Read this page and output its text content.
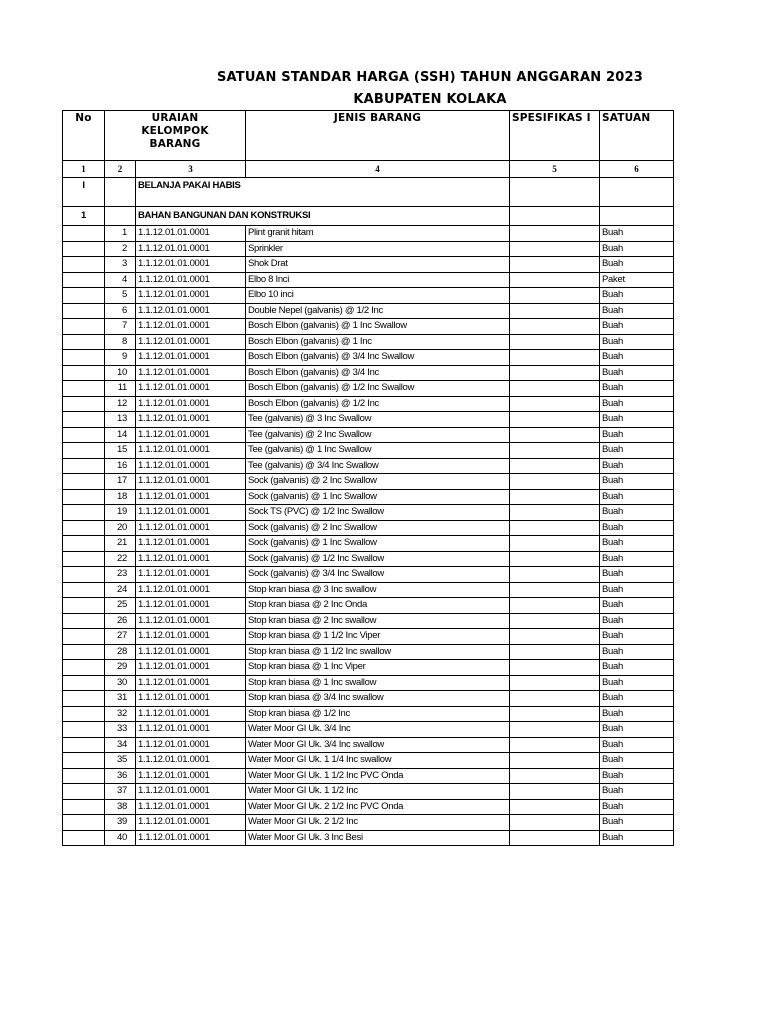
SATUAN STANDAR HARGA (SSH) TAHUN ANGGARAN 2023
KABUPATEN KOLAKA
No	URAIAN KELOMPOK BARANG		JENIS BARANG	SPESIFIKAS I	SATUAN
1	2	3	4	5	6
I		BELANJA PAKAI HABIS			
1		BAHAN BANGUNAN DAN KONSTRUKSI			
	1	1.1.12.01.01.0001	Plint granit hitam		Buah
	2	1.1.12.01.01.0001	Sprinkler		Buah
	3	1.1.12.01.01.0001	Shok Drat		Buah
	4	1.1.12.01.01.0001	Elbo 8 Inci		Paket
	5	1.1.12.01.01.0001	Elbo 10 inci		Buah
	6	1.1.12.01.01.0001	Double Nepel (galvanis) @ 1/2 Inc		Buah
	7	1.1.12.01.01.0001	Bosch Elbon (galvanis) @ 1 Inc Swallow		Buah
	8	1.1.12.01.01.0001	Bosch Elbon (galvanis) @ 1 Inc		Buah
	9	1.1.12.01.01.0001	Bosch Elbon (galvanis) @ 3/4 Inc Swallow		Buah
	10	1.1.12.01.01.0001	Bosch Elbon (galvanis) @ 3/4 Inc		Buah
	11	1.1.12.01.01.0001	Bosch Elbon (galvanis) @ 1/2 Inc Swallow		Buah
	12	1.1.12.01.01.0001	Bosch Elbon (galvanis) @ 1/2 Inc		Buah
	13	1.1.12.01.01.0001	Tee (galvanis) @ 3 Inc Swallow		Buah
	14	1.1.12.01.01.0001	Tee (galvanis) @ 2 Inc Swallow		Buah
	15	1.1.12.01.01.0001	Tee (galvanis) @ 1 Inc Swallow		Buah
	16	1.1.12.01.01.0001	Tee (galvanis) @ 3/4 Inc Swallow		Buah
	17	1.1.12.01.01.0001	Sock (galvanis) @ 2 Inc Swallow		Buah
	18	1.1.12.01.01.0001	Sock (galvanis) @ 1 Inc Swallow		Buah
	19	1.1.12.01.01.0001	Sock TS (PVC) @ 1/2 Inc Swallow		Buah
	20	1.1.12.01.01.0001	Sock (galvanis) @ 2 Inc Swallow		Buah
	21	1.1.12.01.01.0001	Sock (galvanis) @ 1 Inc Swallow		Buah
	22	1.1.12.01.01.0001	Sock (galvanis) @ 1/2 Inc Swallow		Buah
	23	1.1.12.01.01.0001	Sock (galvanis) @ 3/4 Inc Swallow		Buah
	24	1.1.12.01.01.0001	Stop kran biasa @ 3 Inc swallow		Buah
	25	1.1.12.01.01.0001	Stop kran biasa @ 2 Inc Onda		Buah
	26	1.1.12.01.01.0001	Stop kran biasa @ 2 Inc swallow		Buah
	27	1.1.12.01.01.0001	Stop kran biasa @ 1 1/2 Inc Viper		Buah
	28	1.1.12.01.01.0001	Stop kran biasa @ 1 1/2 Inc swallow		Buah
	29	1.1.12.01.01.0001	Stop kran biasa @ 1 Inc Viper		Buah
	30	1.1.12.01.01.0001	Stop kran biasa @ 1 Inc swallow		Buah
	31	1.1.12.01.01.0001	Stop kran biasa @ 3/4 Inc swallow		Buah
	32	1.1.12.01.01.0001	Stop kran biasa @ 1/2 Inc		Buah
	33	1.1.12.01.01.0001	Water Moor GI Uk. 3/4 Inc		Buah
	34	1.1.12.01.01.0001	Water Moor GI Uk. 3/4 Inc swallow		Buah
	35	1.1.12.01.01.0001	Water Moor GI Uk. 1 1/4 Inc swallow		Buah
	36	1.1.12.01.01.0001	Water Moor GI Uk. 1 1/2 Inc PVC Onda		Buah
	37	1.1.12.01.01.0001	Water Moor GI Uk. 1 1/2 Inc		Buah
	38	1.1.12.01.01.0001	Water Moor GI Uk. 2 1/2 Inc PVC Onda		Buah
	39	1.1.12.01.01.0001	Water Moor GI Uk. 2 1/2 Inc		Buah
	40	1.1.12.01.01.0001	Water Moor GI Uk. 3 Inc Besi		Buah
